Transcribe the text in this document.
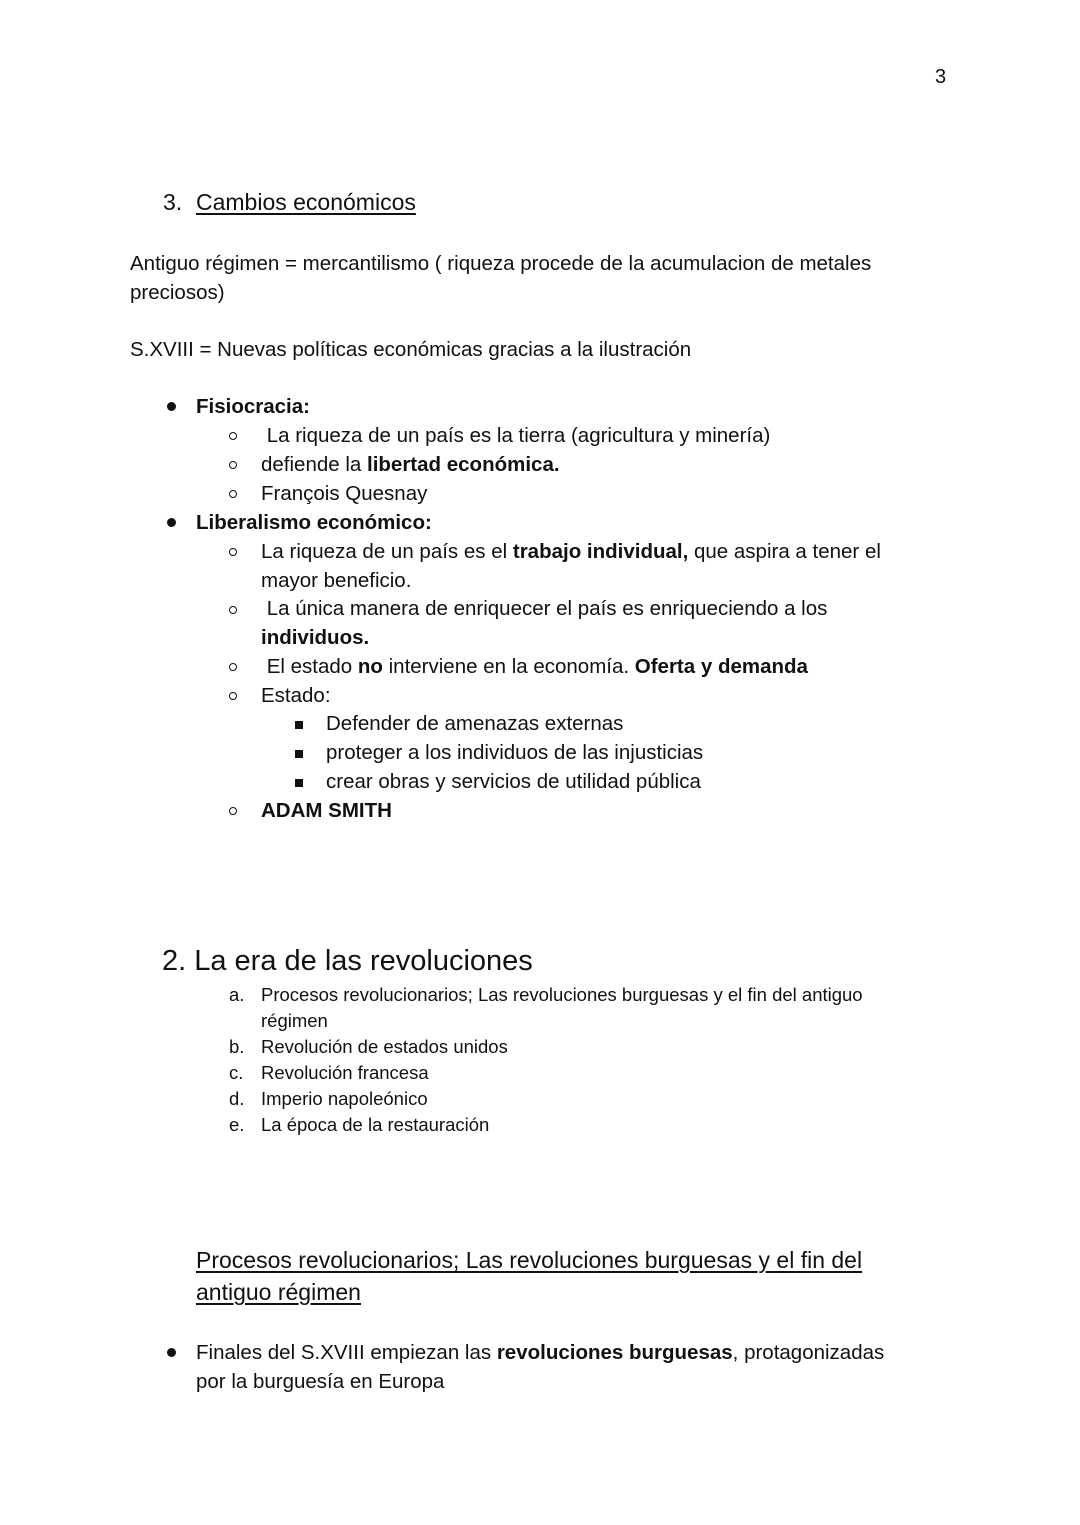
3
3. Cambios económicos
Antiguo régimen = mercantilismo ( riqueza procede de la acumulacion de metales
preciosos)
S.XVIII = Nuevas políticas económicas gracias a la ilustración
Fisiocracia:
La riqueza de un país es la tierra (agricultura y minería)
defiende la libertad económica.
François Quesnay
Liberalismo económico:
La riqueza de un país es el trabajo individual, que aspira a tener el
mayor beneficio.
La única manera de enriquecer el país es enriqueciendo a los
individuos.
El estado no interviene en la economía. Oferta y demanda
Estado:
Defender de amenazas externas
proteger a los individuos de las injusticias
crear obras y servicios de utilidad pública
ADAM SMITH
2. La era de las revoluciones
a. Procesos revolucionarios; Las revoluciones burguesas y el fin del antiguo
régimen
b. Revolución de estados unidos
c. Revolución francesa
d. Imperio napoleónico
e. La época de la restauración
Procesos revolucionarios; Las revoluciones burguesas y el fin del
antiguo régimen
Finales del S.XVIII empiezan las revoluciones burguesas, protagonizadas
por la burguesía en Europa
